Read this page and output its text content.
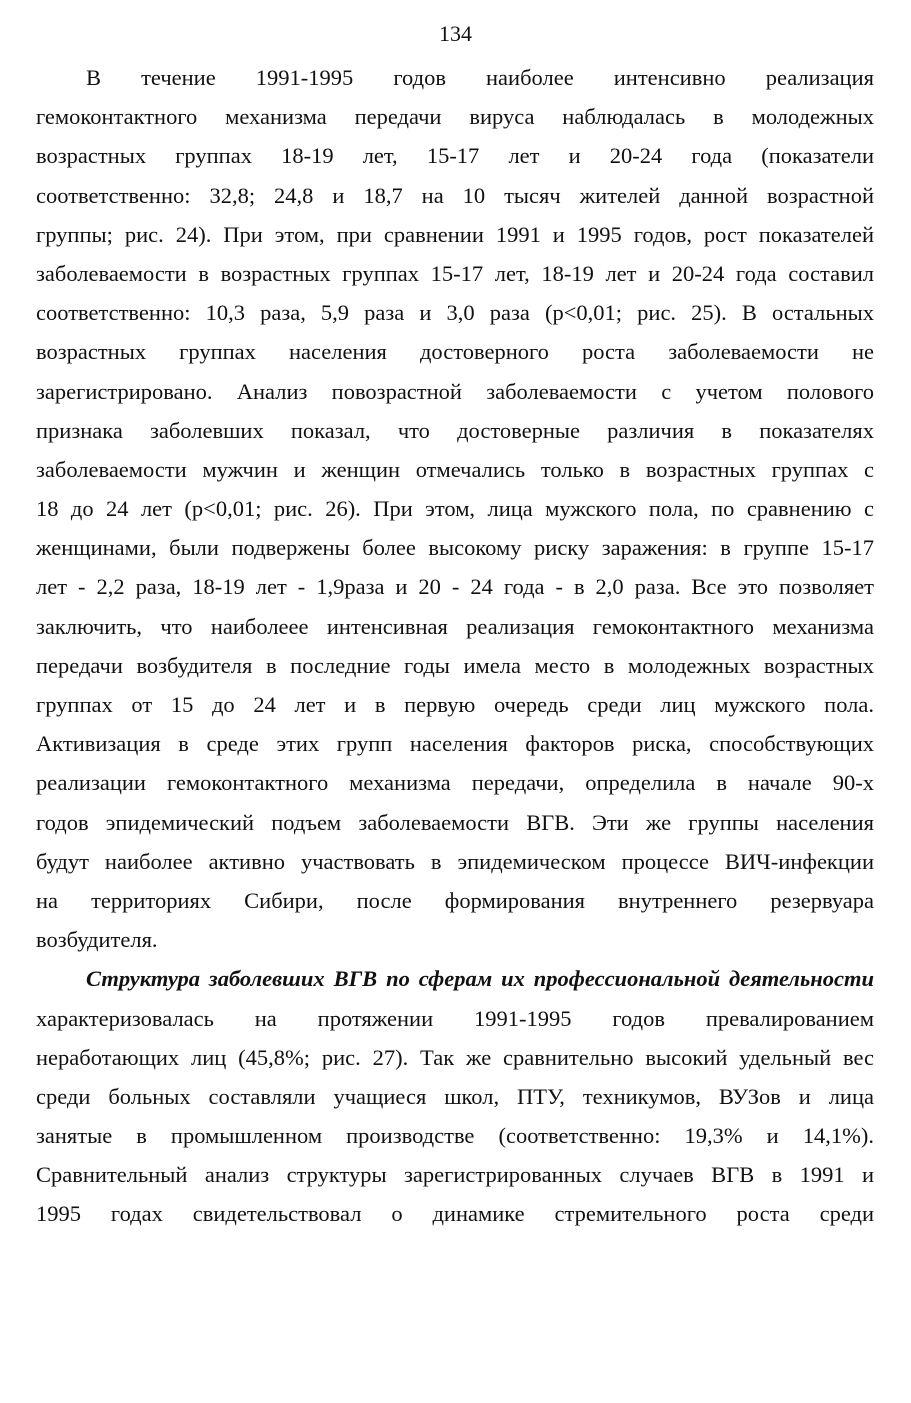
134
В течение 1991-1995 годов наиболее интенсивно реализация
гемоконтактного механизма передачи вируса наблюдалась в молодежных
возрастных группах 18-19 лет, 15-17 лет и 20-24 года (показатели
соответственно: 32,8; 24,8 и 18,7 на 10 тысяч жителей данной возрастной
группы; рис. 24). При этом, при сравнении 1991 и 1995 годов, рост показателей
заболеваемости в возрастных группах 15-17 лет, 18-19 лет и 20-24 года составил
соответственно: 10,3 раза, 5,9 раза и 3,0 раза (p<0,01; рис. 25). В остальных
возрастных группах населения достоверного роста заболеваемости не
зарегистрировано. Анализ повозрастной заболеваемости с учетом полового
признака заболевших показал, что достоверные различия в показателях
заболеваемости мужчин и женщин отмечались только в возрастных группах с
18 до 24 лет (p<0,01; рис. 26). При этом, лица мужского пола, по сравнению с
женщинами, были подвержены более высокому риску заражения: в группе 15-17
лет - 2,2 раза, 18-19 лет - 1,9раза и 20 - 24 года - в 2,0 раза. Все это позволяет
заключить, что наиболеее интенсивная реализация гемоконтактного механизма
передачи возбудителя в последние годы имела место в молодежных возрастных
группах от 15 до 24 лет и в первую очередь среди лиц мужского пола.
Активизация в среде этих групп населения факторов риска, способствующих
реализации гемоконтактного механизма передачи, определила в начале 90-х
годов эпидемический подъем заболеваемости ВГВ. Эти же группы населения
будут наиболее активно участвовать в эпидемическом процессе ВИЧ-инфекции
на территориях Сибири, после формирования внутреннего резервуара
возбудителя.
Структура заболевших ВГВ по сферам их профессиональной деятельности
характеризовалась на протяжении 1991-1995 годов превалированием
неработающих лиц (45,8%; рис. 27). Так же сравнительно высокий удельный вес
среди больных составляли учащиеся школ, ПТУ, техникумов, ВУЗов и лица
занятые в промышленном производстве (соответственно: 19,3% и 14,1%).
Сравнительный анализ структуры зарегистрированных случаев ВГВ в 1991 и
1995 годах свидетельствовал о динамике стремительного роста среди
